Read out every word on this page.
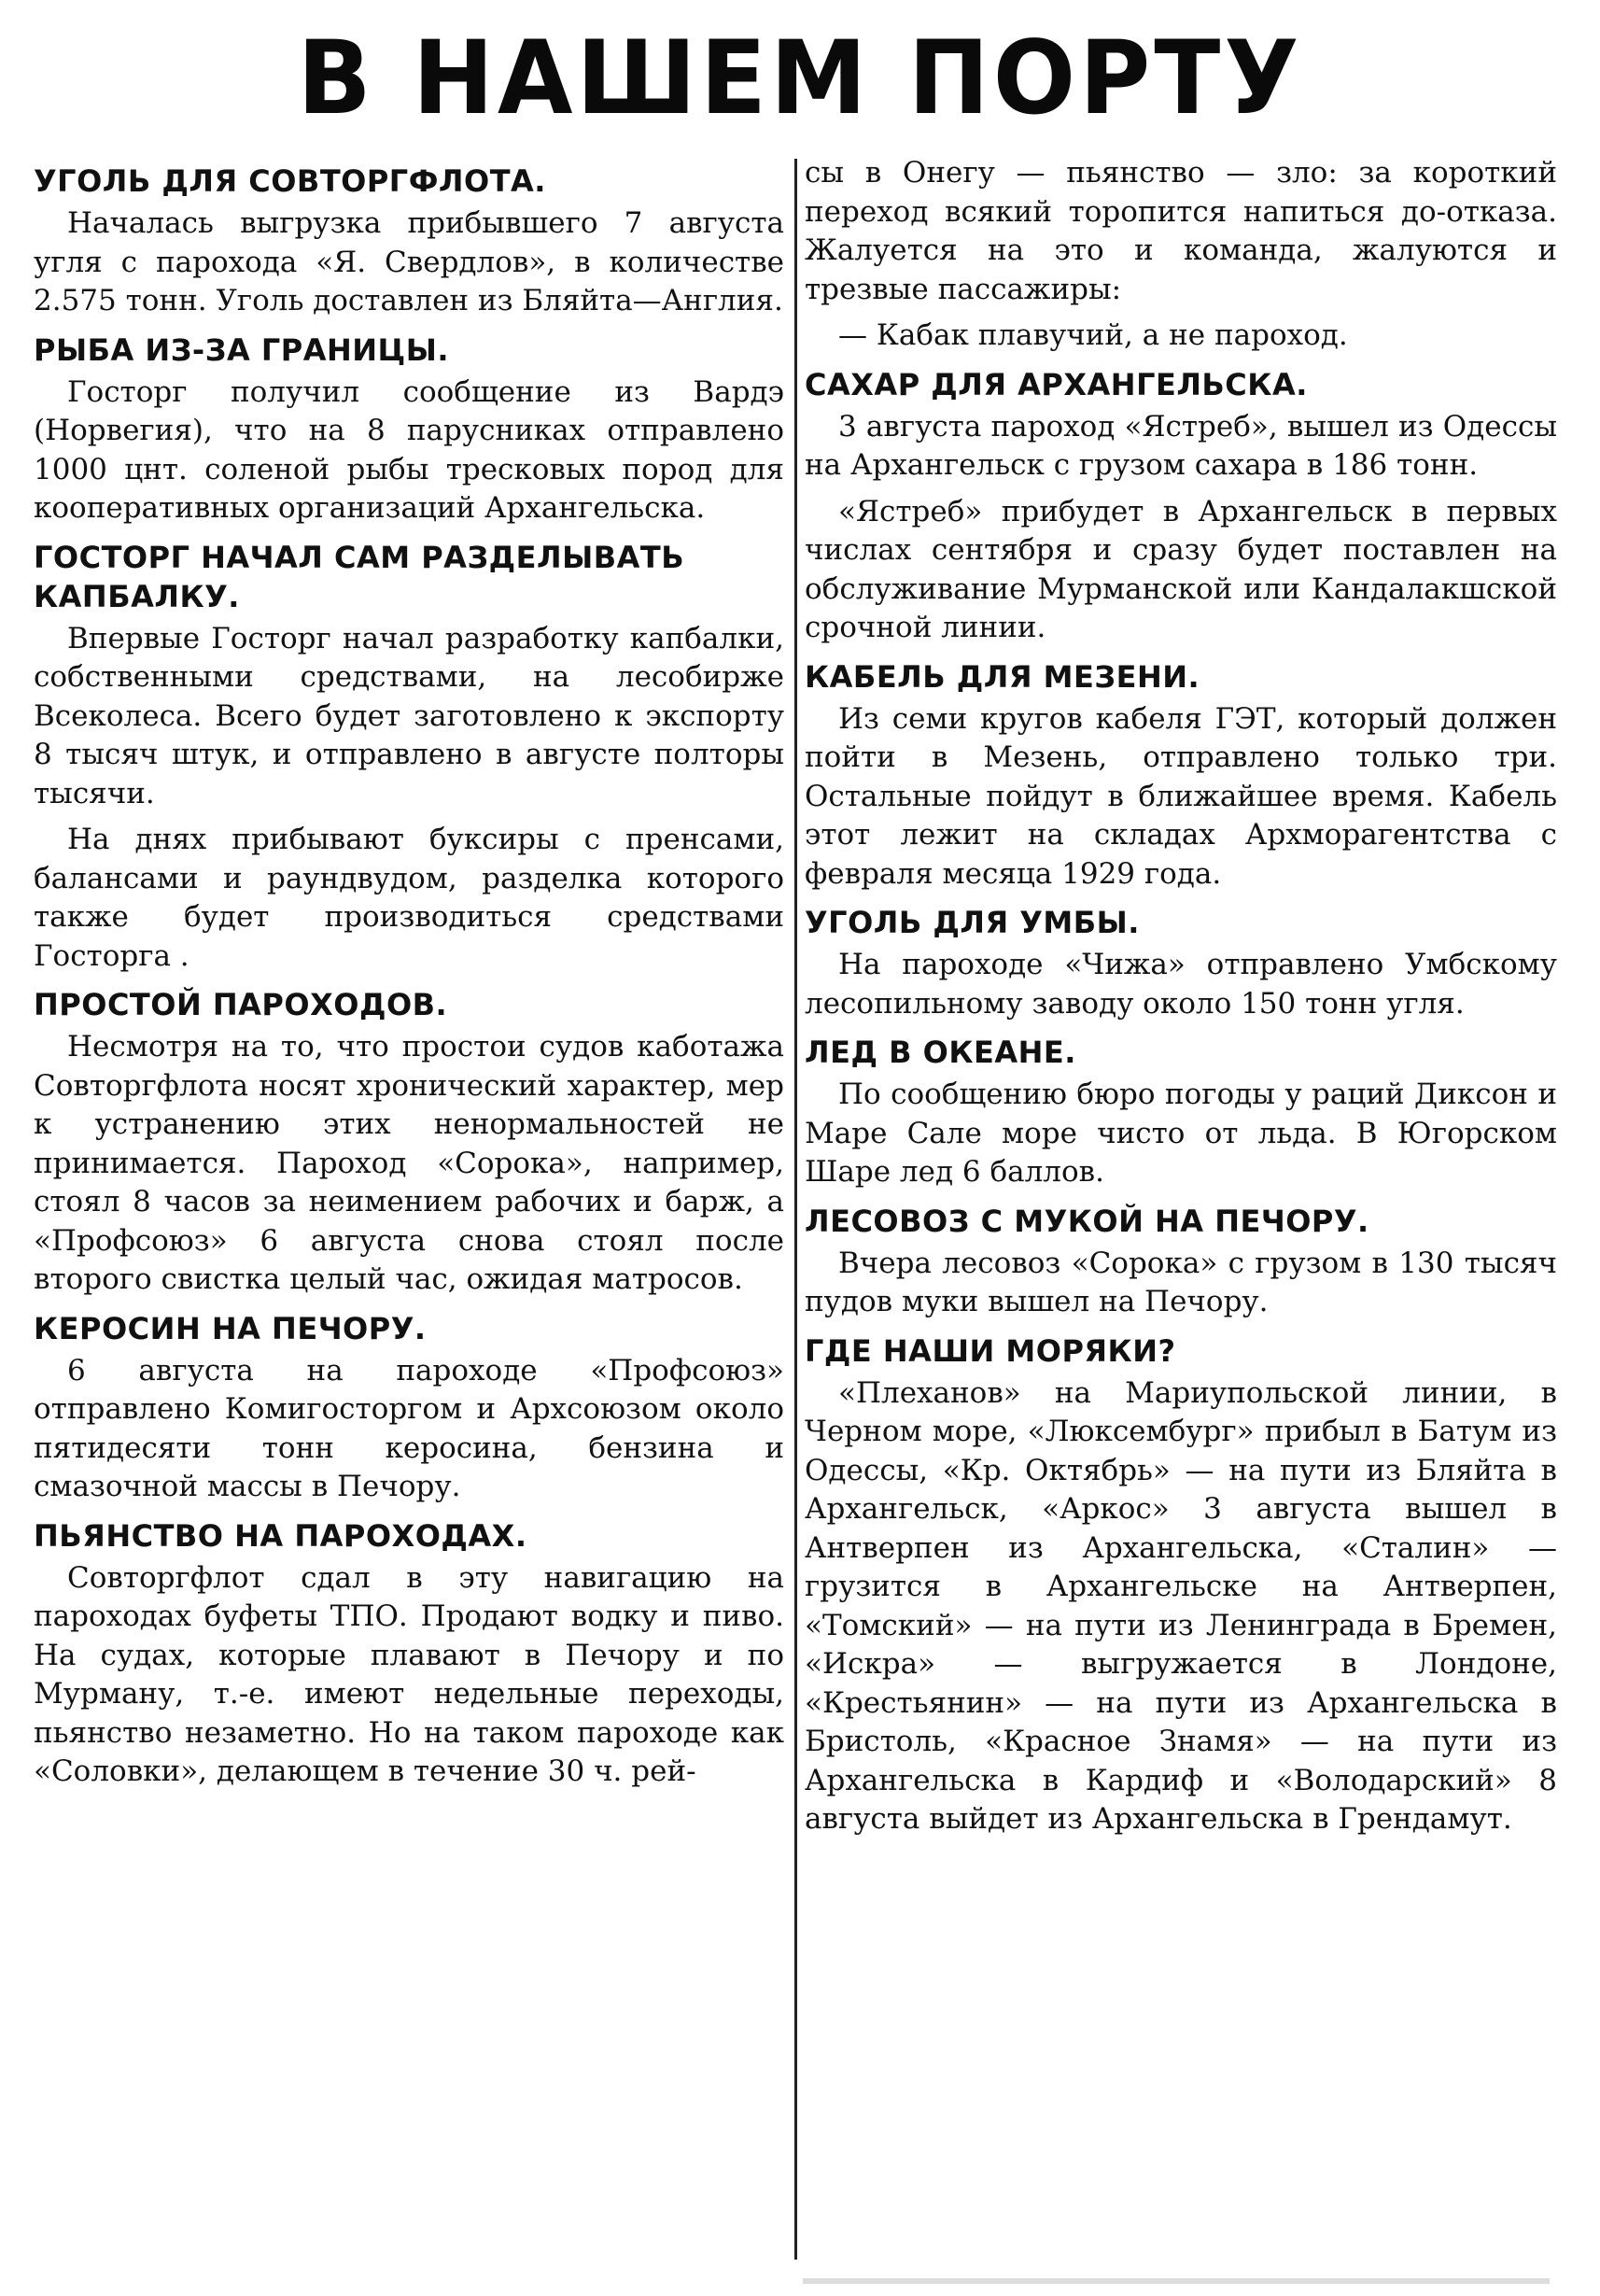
В НАШЕМ ПОРТУ
УГОЛЬ ДЛЯ СОВТОРГФЛОТА.
Началась выгрузка прибывшего 7 августа угля с парохода «Я. Свердлов», в количестве 2.575 тонн. Уголь доставлен из Бляйта—Англия.
РЫБА ИЗ-ЗА ГРАНИЦЫ.
Госторг получил сообщение из Вардэ (Норвегия), что на 8 парусниках отправлено 1000 цнт. соленой рыбы тресковых пород для кооперативных организаций Архангельска.
ГОСТОРГ НАЧАЛ САМ РАЗДЕЛЫВАТЬ КАПБАЛКУ.
Впервые Госторг начал разработку капбалки, собственными средствами, на лесобирже Всеколеса. Всего будет заготовлено к экспорту 8 тысяч штук, и отправлено в августе полторы тысячи.
На днях прибывают буксиры с пренсами, балансами и раундвудом, разделка которого также будет производиться средствами Госторга .
ПРОСТОЙ ПАРОХОДОВ.
Несмотря на то, что простои судов каботажа Совторгфлота носят хронический характер, мер к устранению этих ненормальностей не принимается. Пароход «Сорока», например, стоял 8 часов за неимением рабочих и барж, а «Профсоюз» 6 августа снова стоял после второго свистка целый час, ожидая матросов.
КЕРОСИН НА ПЕЧОРУ.
6 августа на пароходе «Профсоюз» отправлено Комигосторгом и Архсоюзом около пятидесяти тонн керосина, бензина и смазочной массы в Печору.
ПЬЯНСТВО НА ПАРОХОДАХ.
Совторгфлот сдал в эту навигацию на пароходах буфеты ТПО. Продают водку и пиво. На судах, которые плавают в Печору и по Мурману, т.-е. имеют недельные переходы, пьянство незаметно. Но на таком пароходе как «Соловки», делающем в течение 30 ч. рей-
сы в Онегу — пьянство — зло: за короткий переход всякий торопится напиться до-отказа. Жалуется на это и команда, жалуются и трезвые пассажиры:
— Кабак плавучий, а не пароход.
САХАР ДЛЯ АРХАНГЕЛЬСКА.
3 августа пароход «Ястреб», вышел из Одессы на Архангельск с грузом сахара в 186 тонн.
«Ястреб» прибудет в Архангельск в первых числах сентября и сразу будет поставлен на обслуживание Мурманской или Кандалакшской срочной линии.
КАБЕЛЬ ДЛЯ МЕЗЕНИ.
Из семи кругов кабеля ГЭТ, который должен пойти в Мезень, отправлено только три. Остальные пойдут в ближайшее время. Кабель этот лежит на складах Архморагентства с февраля месяца 1929 года.
УГОЛЬ ДЛЯ УМБЫ.
На пароходе «Чижа» отправлено Умбскому лесопильному заводу около 150 тонн угля.
ЛЕД В ОКЕАНЕ.
По сообщению бюро погоды у раций Диксон и Маре Сале море чисто от льда. В Югорском Шаре лед 6 баллов.
ЛЕСОВОЗ С МУКОЙ НА ПЕЧОРУ.
Вчера лесовоз «Сорока» с грузом в 130 тысяч пудов муки вышел на Печору.
ГДЕ НАШИ МОРЯКИ?
«Плеханов» на Мариупольской линии, в Черном море, «Люксембург» прибыл в Батум из Одессы, «Кр. Октябрь» — на пути из Бляйта в Архангельск, «Аркос» 3 августа вышел в Антверпен из Архангельска, «Сталин» — грузится в Архангельске на Антверпен, «Томский» — на пути из Ленинграда в Бремен, «Искра» — выгружается в Лондоне, «Крестьянин» — на пути из Архангельска в Бристоль, «Красное Знамя» — на пути из Архангельска в Кардиф и «Володарский» 8 августа выйдет из Архангельска в Грендамут.
